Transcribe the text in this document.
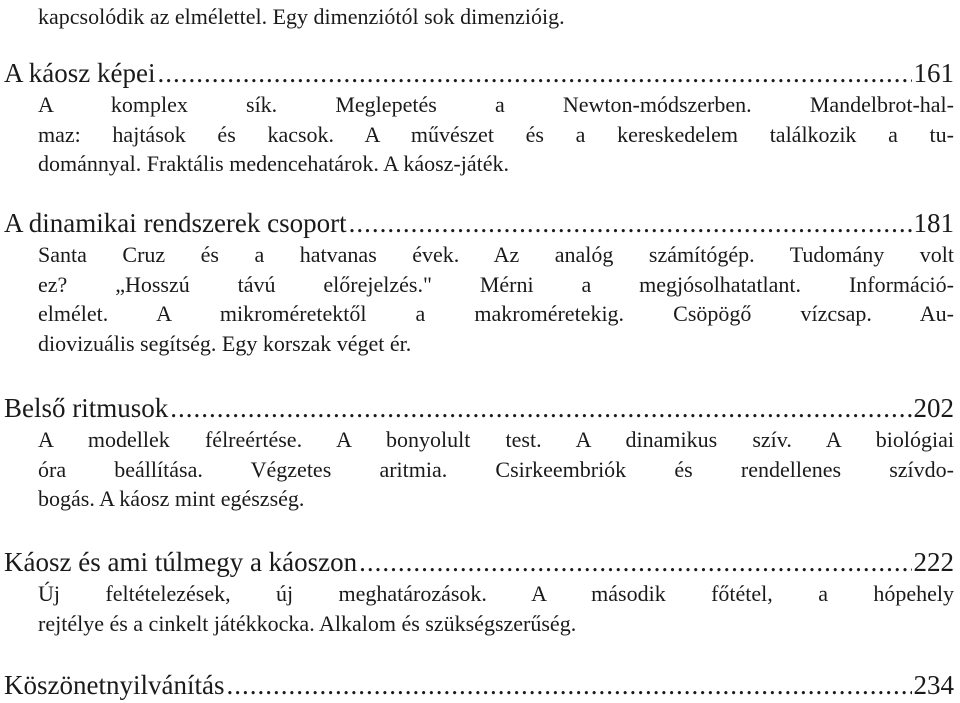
kapcsolódik az elmélettel. Egy dimenziótól sok dimenzióig.
A káosz képei .....	161
A komplex sík. Meglepetés a Newton-módszerben. Mandelbrot-hal-
maz: hajtások és kacsok. A művészet és a kereskedelem találkozik a tu-
dománnyal. Fraktális medencehatárok. A káosz-játék.
A dinamikai rendszerek csoport .....	181
Santa Cruz és a hatvanas évek. Az analóg számítógép. Tudomány volt
ez? „Hosszú távú előrejelzés." Mérni a megjósolhatatlant. Információ-
elmélet. A mikroméretektől a makroméretekig. Csöpögő vízcsap. Au-
diovizuális segítség. Egy korszak véget ér.
Belső ritmusok .....	202
A modellek félreértése. A bonyolult test. A dinamikus szív. A biológiai
óra beállítása. Végzetes aritmia. Csirkeembriók és rendellenes szívdo-
bogás. A káosz mint egészség.
Káosz és ami túlmegy a káoszon .....	222
Új feltételezések, új meghatározások. A második főtétel, a hópehely
rejtélye és a cinkelt játékkocka. Alkalom és szükségszerűség.
Köszönetnyilvánítás .....	234
